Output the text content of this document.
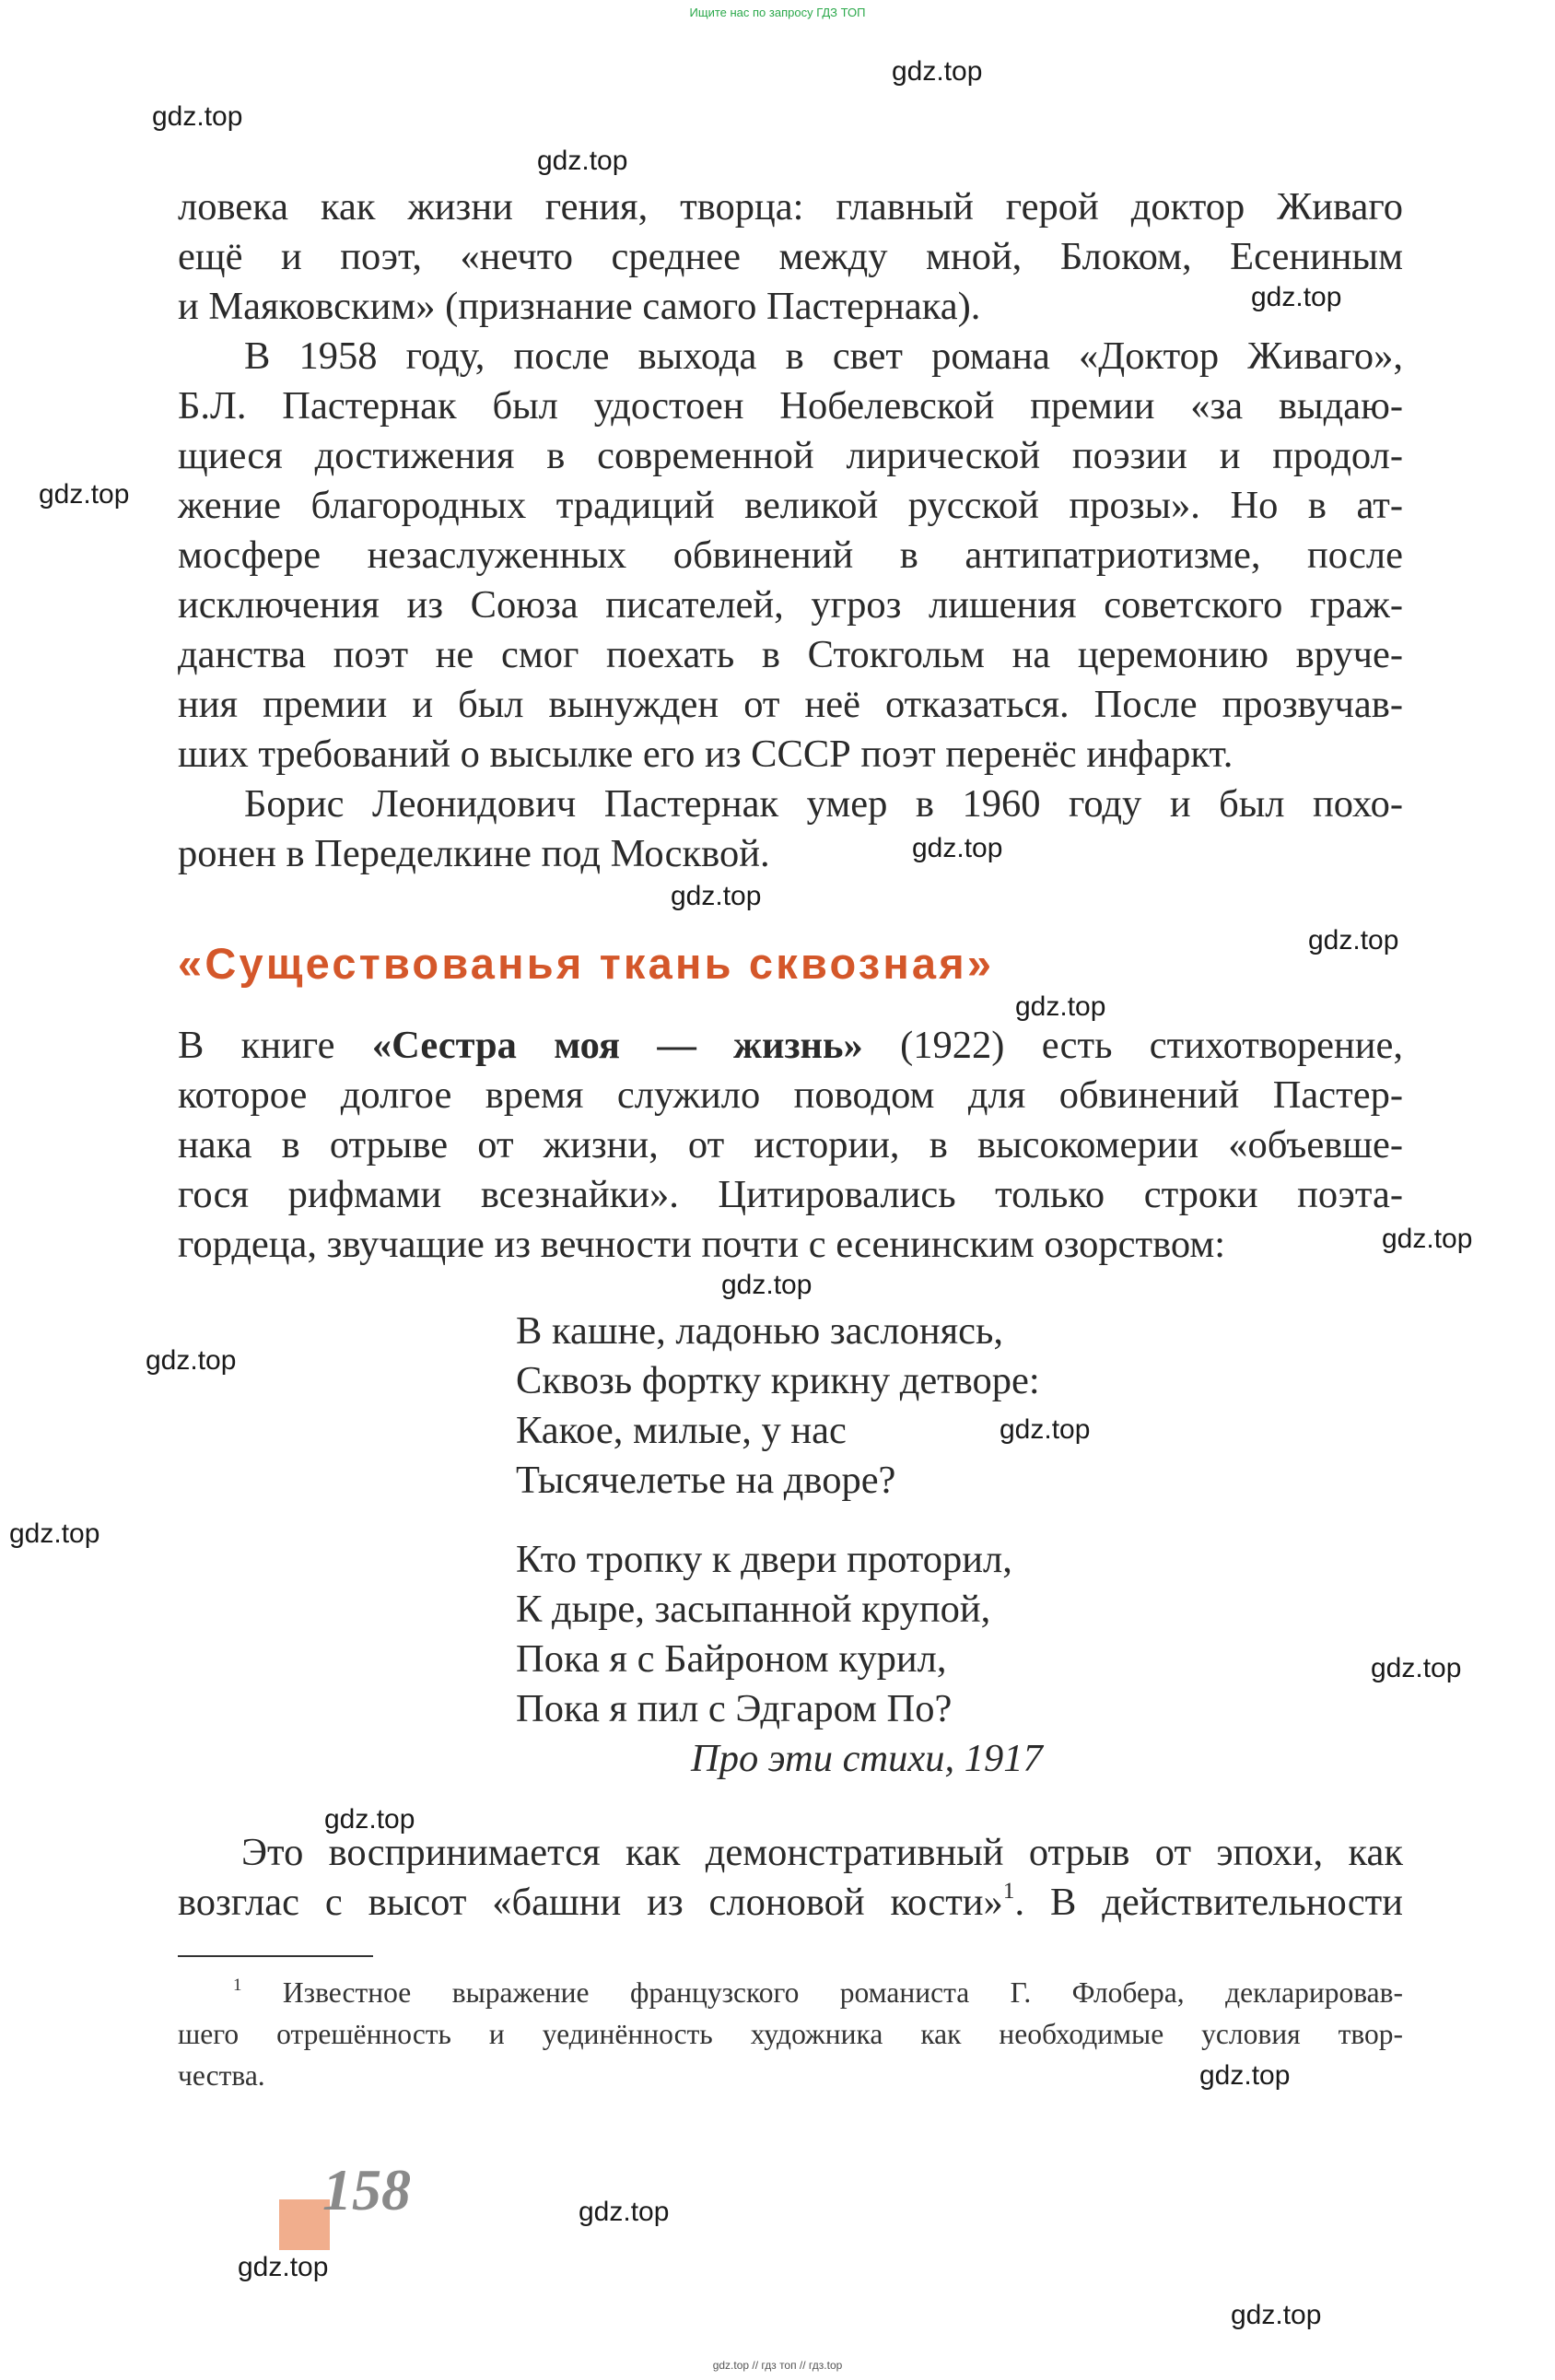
Ищите нас по запросу ГДЗ ТОП
gdz.top
gdz.top
gdz.top
gdz.top
gdz.top
gdz.top
gdz.top
gdz.top
gdz.top
gdz.top
gdz.top
gdz.top
gdz.top
gdz.top
gdz.top
gdz.top
gdz.top
gdz.top
gdz.top
gdz.top
ловека как жизни гения, творца: главный герой доктор Живаго
ещё и поэт, «нечто среднее между мной, Блоком, Есениным
и Маяковским» (признание самого Пастернака).
В 1958 году, после выхода в свет романа «Доктор Живаго»,
Б.Л. Пастернак был удостоен Нобелевской премии «за выдаю-
щиеся достижения в современной лирической поэзии и продол-
жение благородных традиций великой русской прозы». Но в ат-
мосфере незаслуженных обвинений в антипатриотизме, после
исключения из Союза писателей, угроз лишения советского граж-
данства поэт не смог поехать в Стокгольм на церемонию вруче-
ния премии и был вынужден от неё отказаться. После прозвучав-
ших требований о высылке его из СССР поэт перенёс инфаркт.
Борис Леонидович Пастернак умер в 1960 году и был похо-
ронен в Переделкине под Москвой.
«Существованья ткань сквозная»
В книге «Сестра моя — жизнь» (1922) есть стихотворение,
которое долгое время служило поводом для обвинений Пастер-
нака в отрыве от жизни, от истории, в высокомерии «объевше-
гося рифмами всезнайки». Цитировались только строки поэта-
гордеца, звучащие из вечности почти с есенинским озорством:
В кашне, ладонью заслонясь,
Сквозь фортку крикну детворе:
Какое, милые, у нас
Тысячелетье на дворе?
Кто тропку к двери проторил,
К дыре, засыпанной крупой,
Пока я с Байроном курил,
Пока я пил с Эдгаром По?
Про эти стихи, 1917
Это воспринимается как демонстративный отрыв от эпохи, как
возглас с высот «башни из слоновой кости»$^1$. В действительности
$^1$ Известное выражение французского романиста Г. Флобера, декларировав-
шего отрешённость и уединённость художника как необходимые условия твор-
чества.
158
gdz.top // гдз топ // гдз.top
